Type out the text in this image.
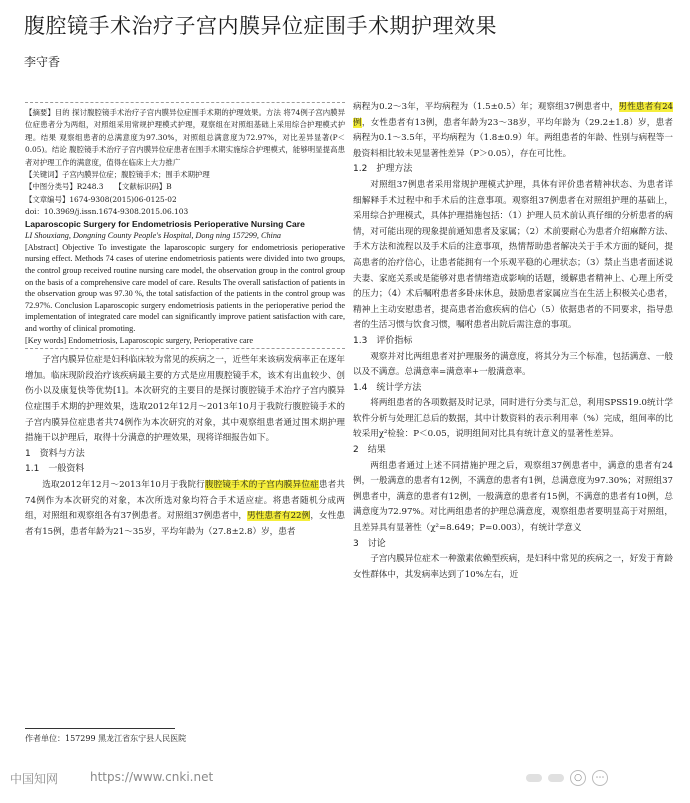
腹腔镜手术治疗子宫内膜异位症围手术期护理效果
李守香

【摘要】目的 探讨腹腔镜手术治疗子宫内膜异位症围手术期的护理效果。方法 将74例子宫内膜异位症患者分为两组，对照组采用常规护理模式护理，观察组在对照组基础上采用综合护理模式护理。结果 观察组患者的总满意度为97.30%，对照组总满意度为72.97%，对比差异显著(P＜0.05)。结论 腹腔镜手术治疗子宫内膜异位症患者在围手术期实施综合护理模式，能够明显提高患者对护理工作的满意度，值得在临床上大力推广

【关键词】子宫内膜异位症；腹腔镜手术；围手术期护理

【中图分类号】R248.3　　【文献标识码】B

【文章编号】1674-9308(2015)06-0125-02

doi：10.3969/j.issn.1674-9308.2015.06.103

Laparoscopic Surgery for Endometriosis Perioperative Nursing Care

LI Shouxiang, Dongning County People's Hospital, Dong ning 157299, China

[Abstract] Objective To investigate the laparoscopic surgery for endometriosis perioperative nursing effect. Methods 74 cases of uterine endometriosis patients were divided into two groups, the control group received routine nursing care model, the observation group in the control group on the basis of a comprehensive care model of care. Results The overall satisfaction of patients in the observation group was 97.30 %, the total satisfaction of the patients in the control group was 72.97%. Conclusion Laparoscopic surgery endometriosis patients in the perioperative period the implementation of integrated care model can significantly improve patient satisfaction with care, and worthy of clinical promoting.

[Key words] Endometriosis, Laparoscopic surgery, Perioperative care

子宫内膜异位症是妇科临床较为常见的疾病之一，近些年来该病发病率正在逐年增加。临床现阶段治疗该疾病最主要的方式是应用腹腔镜手术，该术有出血较少、创伤小以及康复快等优势[1]。本次研究的主要目的是探讨腹腔镜手术治疗子宫内膜异位症围手术期的护理效果，选取2012年12月～2013年10月于我院行腹腔镜手术的子宫内膜异位症患者共74例作为本次研究的对象，其中观察组患者通过围术期护理措施干以护理后，取得十分满意的护理效果，现将详细报告如下。

1　资料与方法

1.1　一般资料

选取2012年12月～2013年10月于我院行腹腔镜手术的子宫内膜异位症患者共74例作为本次研究的对象，本次所选对象均符合手术适应症。将患者随机分成两组，对照组和观察组各有37例患者。对照组37例患者中，男性患者有22例，女性患者有15例，患者年龄为21～35岁，平均年龄为（27.8±2.8）岁，患者

病程为0.2～3年，平均病程为（1.5±0.5）年；观察组37例患者中，男性患者有24例，女性患者有13例，患者年龄为23～38岁，平均年龄为（29.2±1.8）岁，患者病程为0.1～3.5年，平均病程为（1.8±0.9）年。两组患者的年龄、性别与病程等一般资料相比较未见显著性差异（P＞0.05），存在可比性。

1.2　护理方法

对照组37例患者采用常规护理模式护理，具体有评价患者精神状态、为患者详细解释手术过程中和手术后的注意事项。观察组37例患者在对照组护理的基础上，采用综合护理模式，具体护理措施包括：（1）护理人员术前认真仔细的分析患者的病情，对可能出现的现象提前通知患者及家属；（2）术前要耐心为患者介绍麻醉方法、手术方法和流程以及手术后的注意事项，热情帮助患者解决关于手术方面的疑问，提高患者的治疗信心，让患者能拥有一个乐观平稳的心理状态；（3）禁止当患者面述说夫妻、家庭关系或是能够对患者情绪造成影响的话题，缓解患者精神上、心理上所受的压力；（4）术后嘱咐患者多卧床休息，鼓励患者家属应当在生活上积极关心患者，精神上主动安慰患者，提高患者治愈疾病的信心（5）依据患者的不同要求，指导患者的生活习惯与饮食习惯，嘱咐患者出院后需注意的事项。

1.3　评价指标

观察并对比两组患者对护理服务的满意度，将其分为三个标准，包括满意、一般以及不满意。总满意率=满意率+一般满意率。

1.4　统计学方法

将两组患者的各项数据及时记录，同时进行分类与汇总，利用SPSS19.0统计学软件分析与处理汇总后的数据，其中计数资料的表示利用率（%）完成，组间率的比较采用χ²检验：P＜0.05，说明组间对比具有统计意义的显著性差异。

2　结果

两组患者通过上述不同措施护理之后，观察组37例患者中，满意的患者有24例，一般满意的患者有12例，不满意的患者有1例，总满意度为97.30%；对照组37例患者中，满意的患者有12例，一般满意的患者有15例，不满意的患者有10例，总满意度为72.97%。对比两组患者的护理总满意度，观察组患者要明显高于对照组，且差异具有显著性（χ²=8.649；P=0.003），有统计学意义

3　讨论

子宫内膜异位症术一种激素依赖型疾病，是妇科中常见的疾病之一，好发于育龄女性群体中，其发病率达到了10%左右，近

作者单位：157299 黑龙江省东宁县人民医院
中国知网	https://www.cnki.net	○	⋯
